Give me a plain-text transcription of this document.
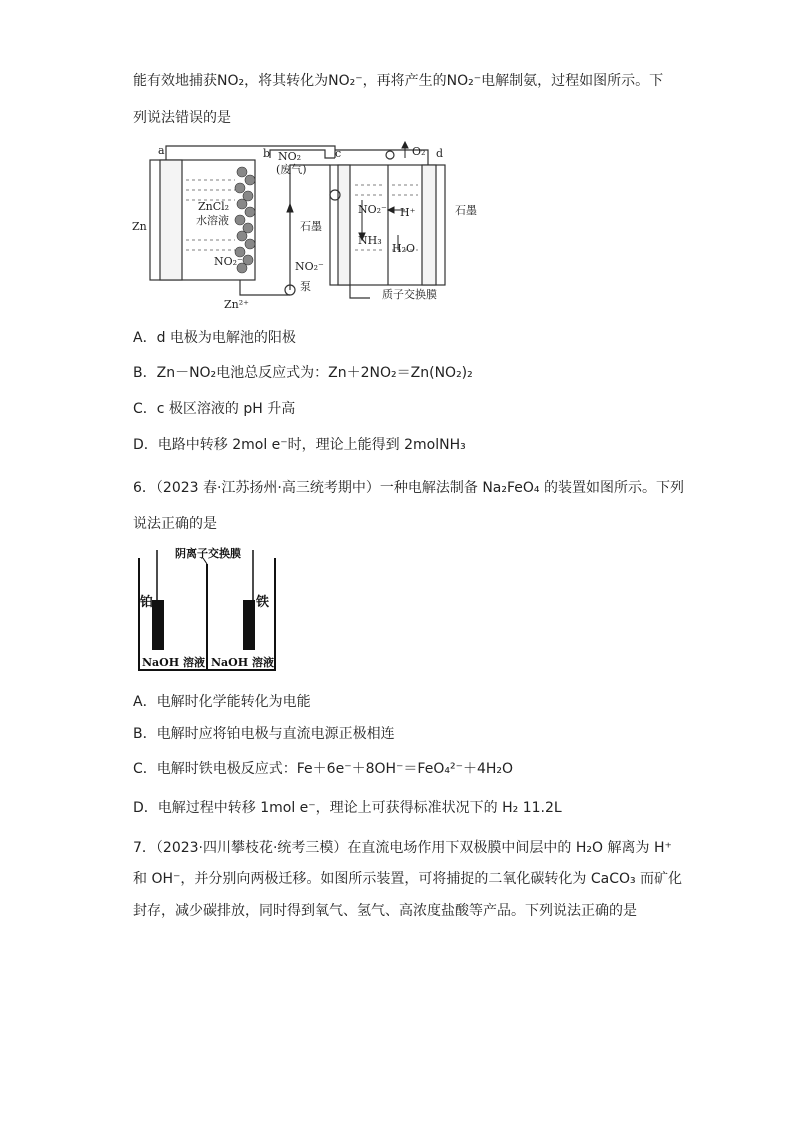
能有效地捕获NO₂，将其转化为NO₂⁻，再将产生的NO₂⁻电解制氨，过程如图所示。下
列说法错误的是
a	b	c	d
NO₂
(废气)
ZnCl₂
水溶液
Zn
NO₂⁻
Zn²⁺
NO₂⁻
泵
O₂
石墨
石墨
NO₂⁻ H⁺
NH₃
H₂O
质子交换膜
A．d 电极为电解池的阳极
B．Zn－NO₂电池总反应式为：Zn＋2NO₂＝Zn(NO₂)₂
C．c 极区溶液的 pH 升高
D．电路中转移 2mol e⁻时，理论上能得到 2molNH₃
6．（2023 春·江苏扬州·高三统考期中）一种电解法制备 Na₂FeO₄ 的装置如图所示。下列
说法正确的是
阴离子交换膜
铂	铁
NaOH 溶液 NaOH 溶液
A．电解时化学能转化为电能
B．电解时应将铂电极与直流电源正极相连
C．电解时铁电极反应式：Fe＋6e⁻＋8OH⁻＝FeO₄²⁻＋4H₂O
D．电解过程中转移 1mol e⁻，理论上可获得标准状况下的 H₂ 11.2L
7．（2023·四川攀枝花·统考三模）在直流电场作用下双极膜中间层中的 H₂O 解离为 H⁺
和 OH⁻，并分别向两极迁移。如图所示装置，可将捕捉的二氧化碳转化为 CaCO₃ 而矿化
封存，减少碳排放，同时得到氧气、氢气、高浓度盐酸等产品。下列说法正确的是
